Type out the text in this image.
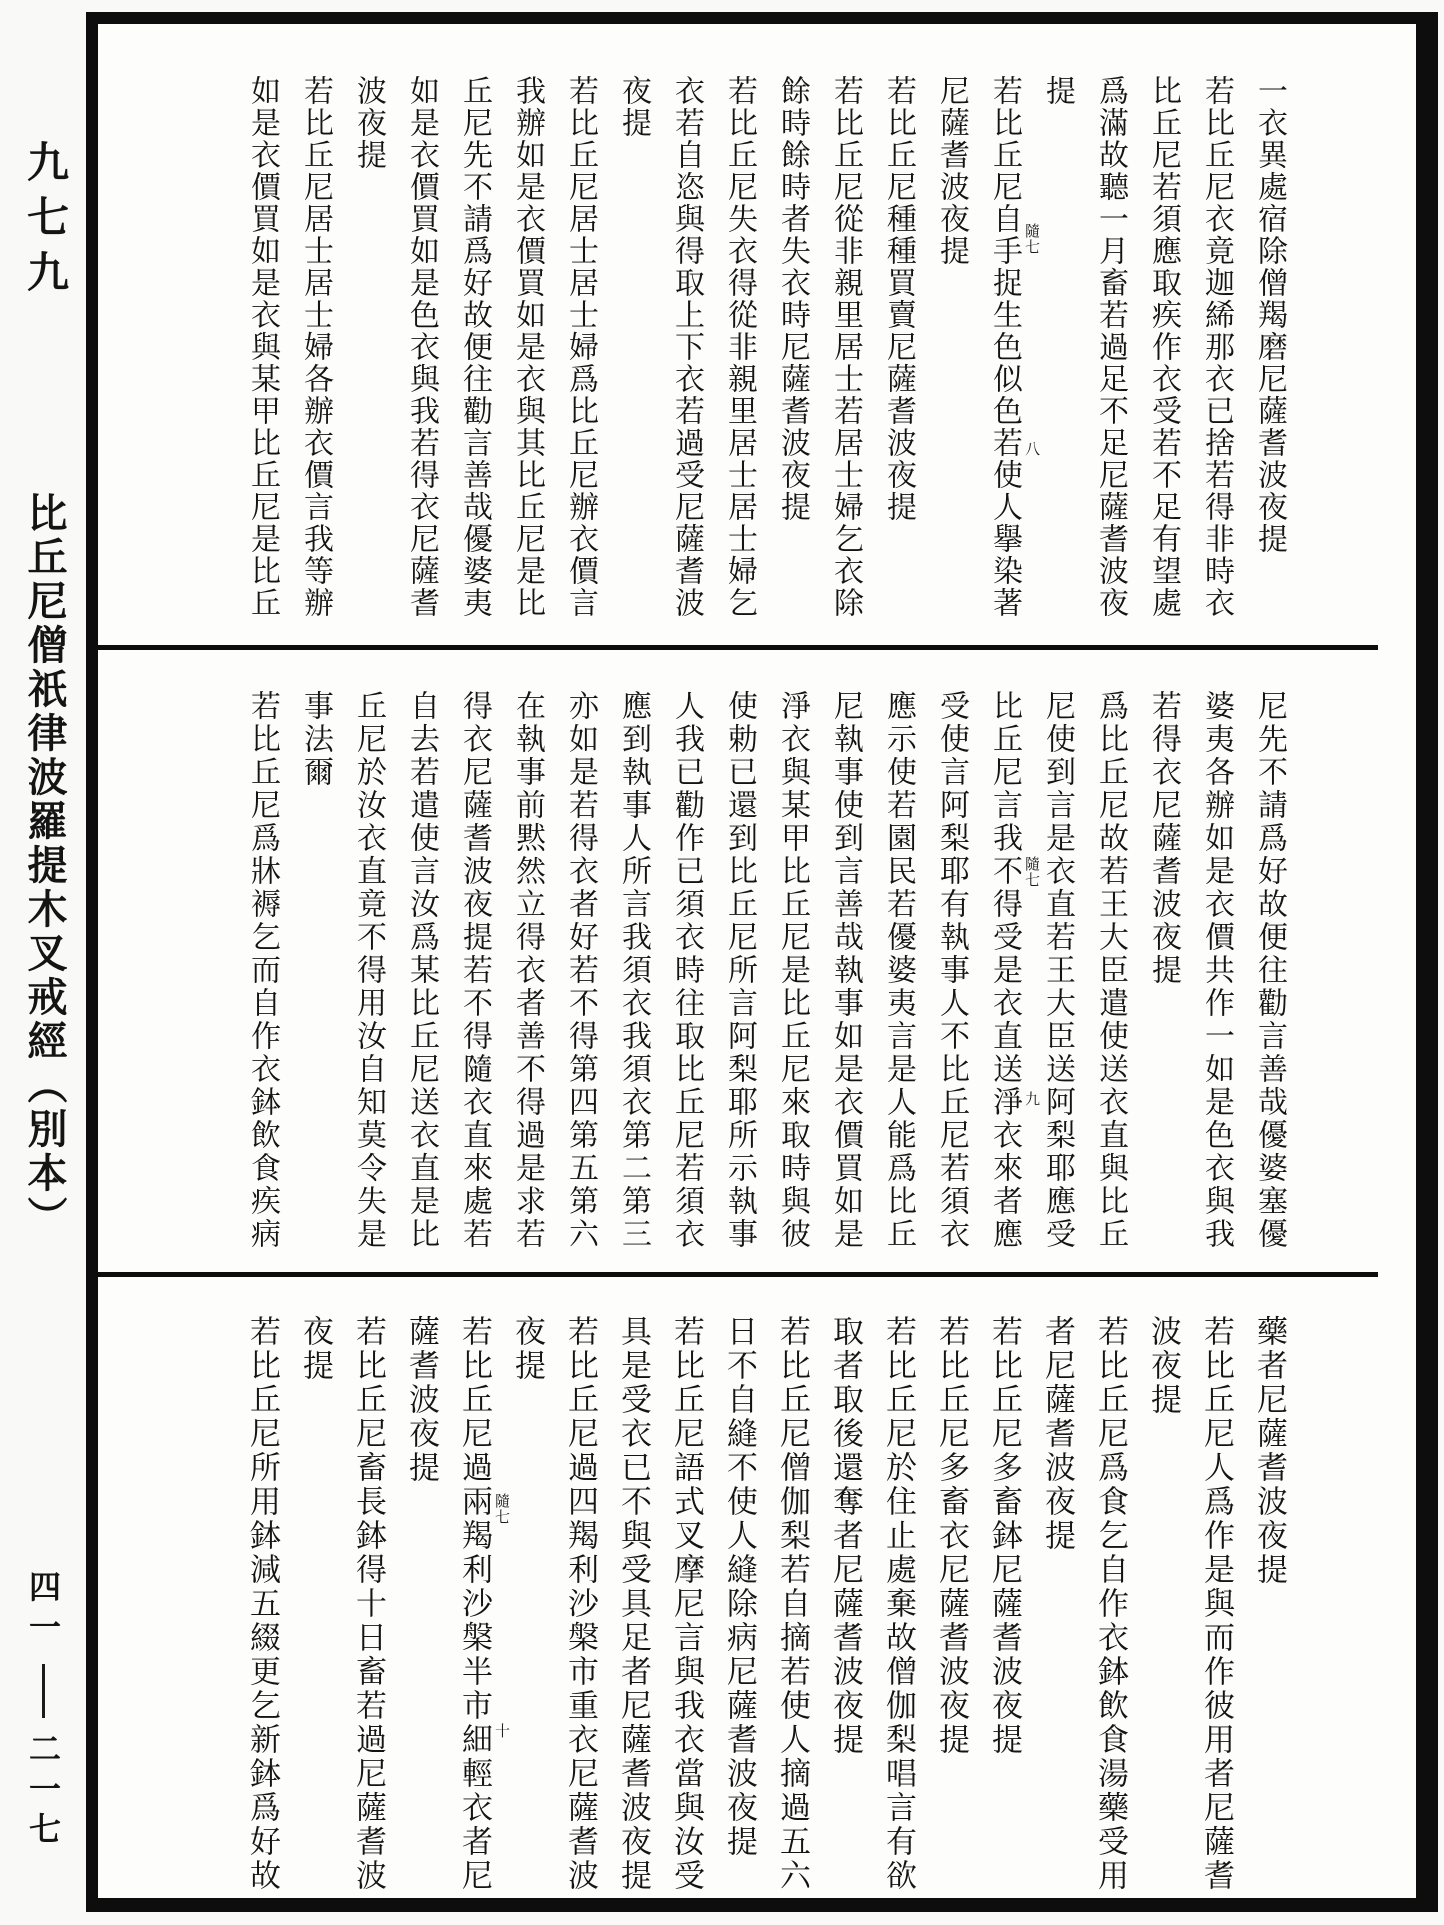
九七九
比丘尼僧祇律波羅提木叉戒經︵別本︶
四一
二一七
一衣異處宿除僧羯磨尼薩耆波夜提
若比丘尼衣竟迦絺那衣已捨若得非時衣
比丘尼若須應取疾作衣受若不足有望處
爲滿故聽一月畜若過足不足尼薩耆波夜
提
若比丘尼自手捉生色似色若使人擧染著 隨七
八
尼薩耆波夜提
若比丘尼種種買賣尼薩耆波夜提
若比丘尼從非親里居士若居士婦乞衣除
餘時餘時者失衣時尼薩耆波夜提
若比丘尼失衣得從非親里居士居士婦乞
衣若自恣與得取上下衣若過受尼薩耆波
夜提
若比丘尼居士居士婦爲比丘尼辦衣價言
我辦如是衣價買如是衣與其比丘尼是比
丘尼先不請爲好故便往勸言善哉優婆夷
如是衣價買如是色衣與我若得衣尼薩耆
波夜提
若比丘尼居士居士婦各辦衣價言我等辦
如是衣價買如是衣與某甲比丘尼是比丘
尼先不請爲好故便往勸言善哉優婆塞優
婆夷各辦如是衣價共作一如是色衣與我
若得衣尼薩耆波夜提
爲比丘尼故若王大臣遣使送衣直與比丘
尼使到言是衣直若王大臣送阿梨耶應受
比丘尼言我不得受是衣直送淨衣來者應 隨七
九
受使言阿梨耶有執事人不比丘尼若須衣
應示使若園民若優婆夷言是人能爲比丘
尼執事使到言善哉執事如是衣價買如是
淨衣與某甲比丘尼是比丘尼來取時與彼
使勅已還到比丘尼所言阿梨耶所示執事
人我已勸作已須衣時往取比丘尼若須衣
應到執事人所言我須衣我須衣第二第三
亦如是若得衣者好若不得第四第五第六
在執事前黙然立得衣者善不得過是求若
得衣尼薩耆波夜提若不得隨衣直來處若
自去若遣使言汝爲某比丘尼送衣直是比
丘尼於汝衣直竟不得用汝自知莫令失是
事法爾
若比丘尼爲牀褥乞而自作衣鉢飲食疾病
藥者尼薩耆波夜提
若比丘尼人爲作是與而作彼用者尼薩耆
波夜提
若比丘尼爲食乞自作衣鉢飲食湯藥受用
者尼薩耆波夜提
若比丘尼多畜鉢尼薩耆波夜提
若比丘尼多畜衣尼薩耆波夜提
若比丘尼於住止處棄故僧伽梨唱言有欲
取者取後還奪者尼薩耆波夜提
若比丘尼僧伽梨若自摘若使人摘過五六
日不自縫不使人縫除病尼薩耆波夜提
若比丘尼語式叉摩尼言與我衣當與汝受
具是受衣已不與受具足者尼薩耆波夜提
若比丘尼過四羯利沙槃市重衣尼薩耆波
夜提
若比丘尼過兩羯利沙槃半市細輕衣者尼 隨七
十
薩耆波夜提
若比丘尼畜長鉢得十日畜若過尼薩耆波
夜提
若比丘尼所用鉢減五綴更乞新鉢爲好故
